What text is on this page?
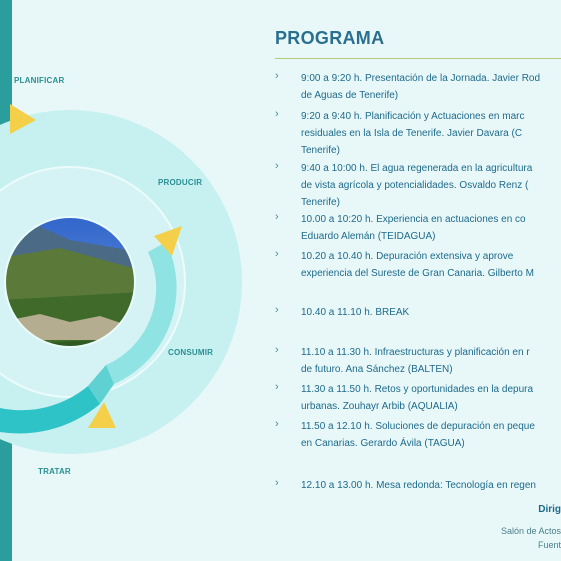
PLANIFICAR
PRODUCIR
CONSUMIR
TRATAR
PROGRAMA
› 9:00 a 9:20 h. Presentación de la Jornada. Javier Rod
de Aguas de Tenerife)
› 9:20 a 9:40 h. Planificación y Actuaciones en marc
residuales en la Isla de Tenerife. Javier Davara (C
Tenerife)
› 9:40 a 10:00 h. El agua regenerada en la agricultura
de vista agrícola y potencialidades. Osvaldo Renz (
Tenerife)
› 10.00 a 10:20 h. Experiencia en actuaciones en co
Eduardo Alemán (TEIDAGUA)
› 10.20 a 10.40 h. Depuración extensiva y aprove
experiencia del Sureste de Gran Canaria. Gilberto M
› 10.40 a 11.10 h. BREAK
› 11.10 a 11.30 h. Infraestructuras y planificación en r
de futuro. Ana Sánchez (BALTEN)
› 11.30 a 11.50 h. Retos y oportunidades en la depura
urbanas. Zouhayr Arbib (AQUALIA)
› 11.50 a 12.10 h. Soluciones de depuración en peque
en Canarias. Gerardo Ávila (TAGUA)
› 12.10 a 13.00 h. Mesa redonda: Tecnología en regen
Dirig
Salón de Actos
Fuent
